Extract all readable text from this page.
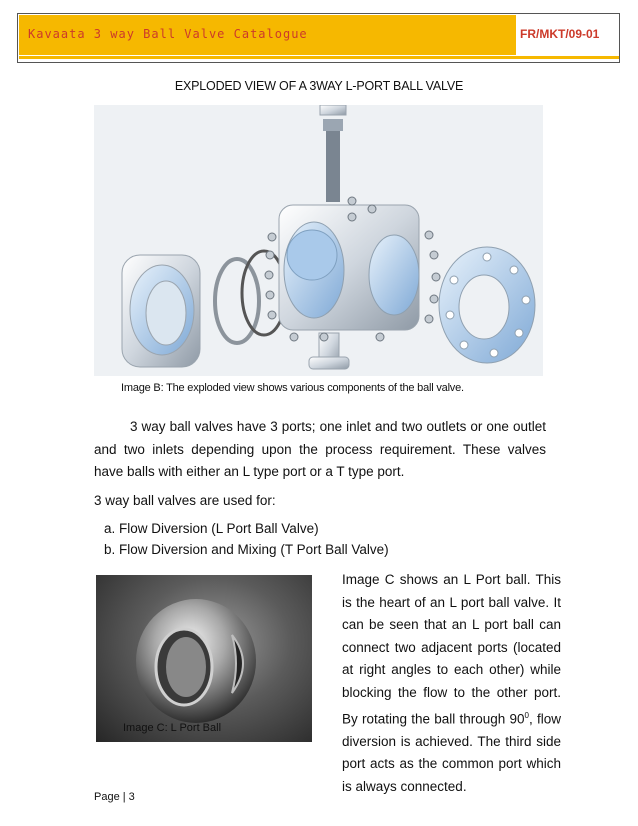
Kavaata 3 way Ball Valve Catalogue	FR/MKT/09-01
EXPLODED VIEW OF A 3WAY L-PORT BALL VALVE
Image B: The exploded view shows various components of the ball valve.
3 way ball valves have 3 ports; one inlet and two outlets or one outlet and two inlets depending upon the process requirement. These valves have balls with either an L type port or a T type port.
3 way ball valves are used for:
a. Flow Diversion (L Port Ball Valve)
b. Flow Diversion and Mixing (T Port Ball Valve)
Image C: L Port Ball
Image C shows an L Port ball. This is the heart of an L port ball valve. It can be seen that an L port ball can connect two adjacent ports (located at right angles to each other) while blocking the flow to the other port. By rotating the ball through $90^0$, flow diversion is achieved. The third side port acts as the common port which is always connected.
Page | 3
